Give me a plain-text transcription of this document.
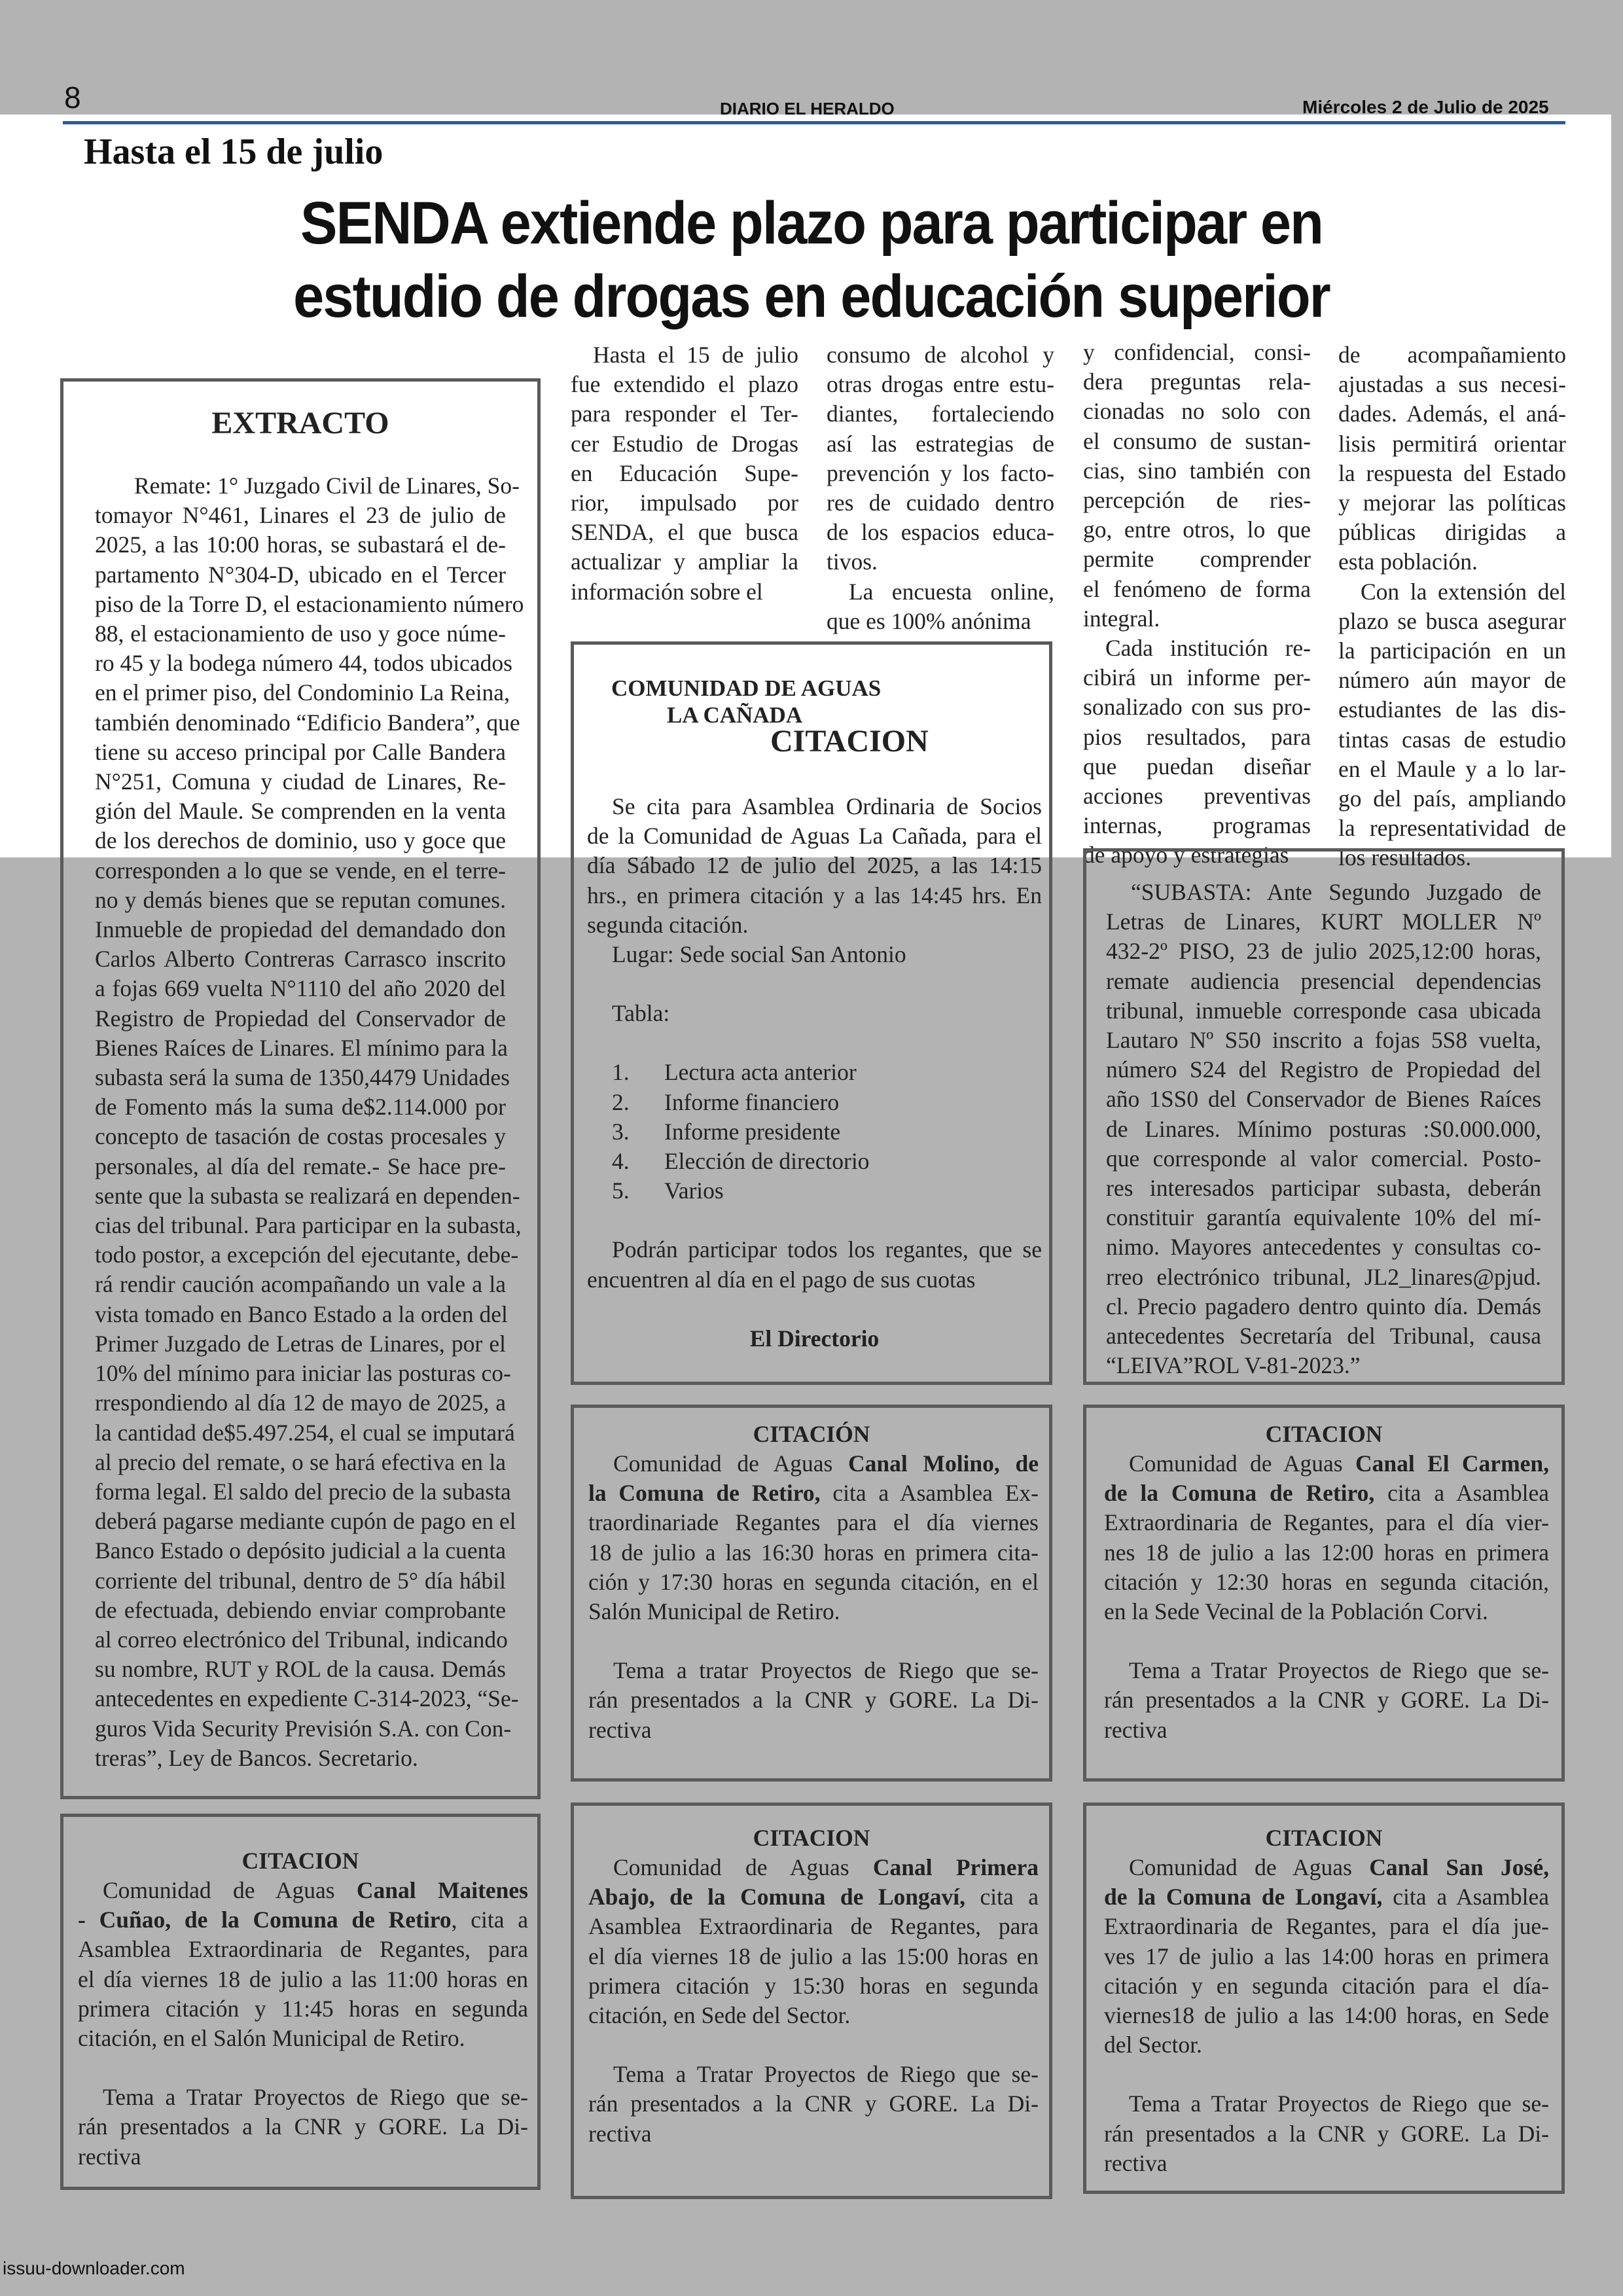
8	DIARIO EL HERALDO	Miércoles 2 de Julio de 2025
Hasta el 15 de julio
SENDA extiende plazo para participar en
estudio de drogas en educación superior
Hasta el 15 de julio
fue extendido el plazo
para responder el Ter-
cer Estudio de Drogas
en Educación Supe-
rior, impulsado por
SENDA, el que busca
actualizar y ampliar la
información sobre el
consumo de alcohol y
otras drogas entre estu-
diantes, fortaleciendo
así las estrategias de
prevención y los facto-
res de cuidado dentro
de los espacios educa-
tivos.
La encuesta online,
que es 100% anónima
y confidencial, consi-
dera preguntas rela-
cionadas no solo con
el consumo de sustan-
cias, sino también con
percepción de ries-
go, entre otros, lo que
permite comprender
el fenómeno de forma
integral.
Cada institución re-
cibirá un informe per-
sonalizado con sus pro-
pios resultados, para
que puedan diseñar
acciones preventivas
internas, programas
de apoyo y estrategias
de acompañamiento
ajustadas a sus necesi-
dades. Además, el aná-
lisis permitirá orientar
la respuesta del Estado
y mejorar las políticas
públicas dirigidas a
esta población.
Con la extensión del
plazo se busca asegurar
la participación en un
número aún mayor de
estudiantes de las dis-
tintas casas de estudio
en el Maule y a lo lar-
go del país, ampliando
la representatividad de
los resultados.
EXTRACTO
Remate: 1° Juzgado Civil de Linares, So-
tomayor N°461, Linares el 23 de julio de
2025, a las 10:00 horas, se subastará el de-
partamento N°304-D, ubicado en el Tercer
piso de la Torre D, el estacionamiento número
88, el estacionamiento de uso y goce núme-
ro 45 y la bodega número 44, todos ubicados
en el primer piso, del Condominio La Reina,
también denominado “Edificio Bandera”, que
tiene su acceso principal por Calle Bandera
N°251, Comuna y ciudad de Linares, Re-
gión del Maule. Se comprenden en la venta
de los derechos de dominio, uso y goce que
corresponden a lo que se vende, en el terre-
no y demás bienes que se reputan comunes.
Inmueble de propiedad del demandado don
Carlos Alberto Contreras Carrasco inscrito
a fojas 669 vuelta N°1110 del año 2020 del
Registro de Propiedad del Conservador de
Bienes Raíces de Linares. El mínimo para la
subasta será la suma de 1350,4479 Unidades
de Fomento más la suma de$2.114.000 por
concepto de tasación de costas procesales y
personales, al día del remate.- Se hace pre-
sente que la subasta se realizará en dependen-
cias del tribunal. Para participar en la subasta,
todo postor, a excepción del ejecutante, debe-
rá rendir caución acompañando un vale a la
vista tomado en Banco Estado a la orden del
Primer Juzgado de Letras de Linares, por el
10% del mínimo para iniciar las posturas co-
rrespondiendo al día 12 de mayo de 2025, a
la cantidad de$5.497.254, el cual se imputará
al precio del remate, o se hará efectiva en la
forma legal. El saldo del precio de la subasta
deberá pagarse mediante cupón de pago en el
Banco Estado o depósito judicial a la cuenta
corriente del tribunal, dentro de 5° día hábil
de efectuada, debiendo enviar comprobante
al correo electrónico del Tribunal, indicando
su nombre, RUT y ROL de la causa. Demás
antecedentes en expediente C-314-2023, “Se-
guros Vida Security Previsión S.A. con Con-
treras”, Ley de Bancos. Secretario.
COMUNIDAD DE AGUAS
LA CAÑADA
CITACION
Se cita para Asamblea Ordinaria de Socios
de la Comunidad de Aguas La Cañada, para el
día Sábado 12 de julio del 2025, a las 14:15
hrs., en primera citación y a las 14:45 hrs. En
segunda citación.
Lugar: Sede social San Antonio
Tabla:
1.	Lectura acta anterior
2.	Informe financiero
3.	Informe presidente
4.	Elección de directorio
5.	Varios
Podrán participar todos los regantes, que se
encuentren al día en el pago de sus cuotas
El Directorio
“SUBASTA: Ante Segundo Juzgado de
Letras de Linares, KURT MOLLER Nº
432-2º PISO, 23 de julio 2025,12:00 horas,
remate audiencia presencial dependencias
tribunal, inmueble corresponde casa ubicada
Lautaro Nº S50 inscrito a fojas 5S8 vuelta,
número S24 del Registro de Propiedad del
año 1SS0 del Conservador de Bienes Raíces
de Linares. Mínimo posturas :S0.000.000,
que corresponde al valor comercial. Posto-
res interesados participar subasta, deberán
constituir garantía equivalente 10% del mí-
nimo. Mayores antecedentes y consultas co-
rreo electrónico tribunal, JL2_linares@pjud.
cl. Precio pagadero dentro quinto día. Demás
antecedentes Secretaría del Tribunal, causa
“LEIVA”ROL V-81-2023.”
CITACIÓN
Comunidad de Aguas Canal Molino, de
la Comuna de Retiro, cita a Asamblea Ex-
traordinariade Regantes para el día viernes
18 de julio a las 16:30 horas en primera cita-
ción y 17:30 horas en segunda citación, en el
Salón Municipal de Retiro.
Tema a tratar Proyectos de Riego que se-
rán presentados a la CNR y GORE. La Di-
rectiva
CITACION
Comunidad de Aguas Canal El Carmen,
de la Comuna de Retiro, cita a Asamblea
Extraordinaria de Regantes, para el día vier-
nes 18 de julio a las 12:00 horas en primera
citación y 12:30 horas en segunda citación,
en la Sede Vecinal de la Población Corvi.
Tema a Tratar Proyectos de Riego que se-
rán presentados a la CNR y GORE. La Di-
rectiva
CITACION
Comunidad de Aguas Canal Maitenes
- Cuñao, de la Comuna de Retiro, cita a
Asamblea Extraordinaria de Regantes, para
el día viernes 18 de julio a las 11:00 horas en
primera citación y 11:45 horas en segunda
citación, en el Salón Municipal de Retiro.
Tema a Tratar Proyectos de Riego que se-
rán presentados a la CNR y GORE. La Di-
rectiva
CITACION
Comunidad de Aguas Canal Primera
Abajo, de la Comuna de Longaví, cita a
Asamblea Extraordinaria de Regantes, para
el día viernes 18 de julio a las 15:00 horas en
primera citación y 15:30 horas en segunda
citación, en Sede del Sector.
Tema a Tratar Proyectos de Riego que se-
rán presentados a la CNR y GORE. La Di-
rectiva
CITACION
Comunidad de Aguas Canal San José,
de la Comuna de Longaví, cita a Asamblea
Extraordinaria de Regantes, para el día jue-
ves 17 de julio a las 14:00 horas en primera
citación y en segunda citación para el día-
viernes18 de julio a las 14:00 horas, en Sede
del Sector.
Tema a Tratar Proyectos de Riego que se-
rán presentados a la CNR y GORE. La Di-
rectiva
issuu-downloader.com
